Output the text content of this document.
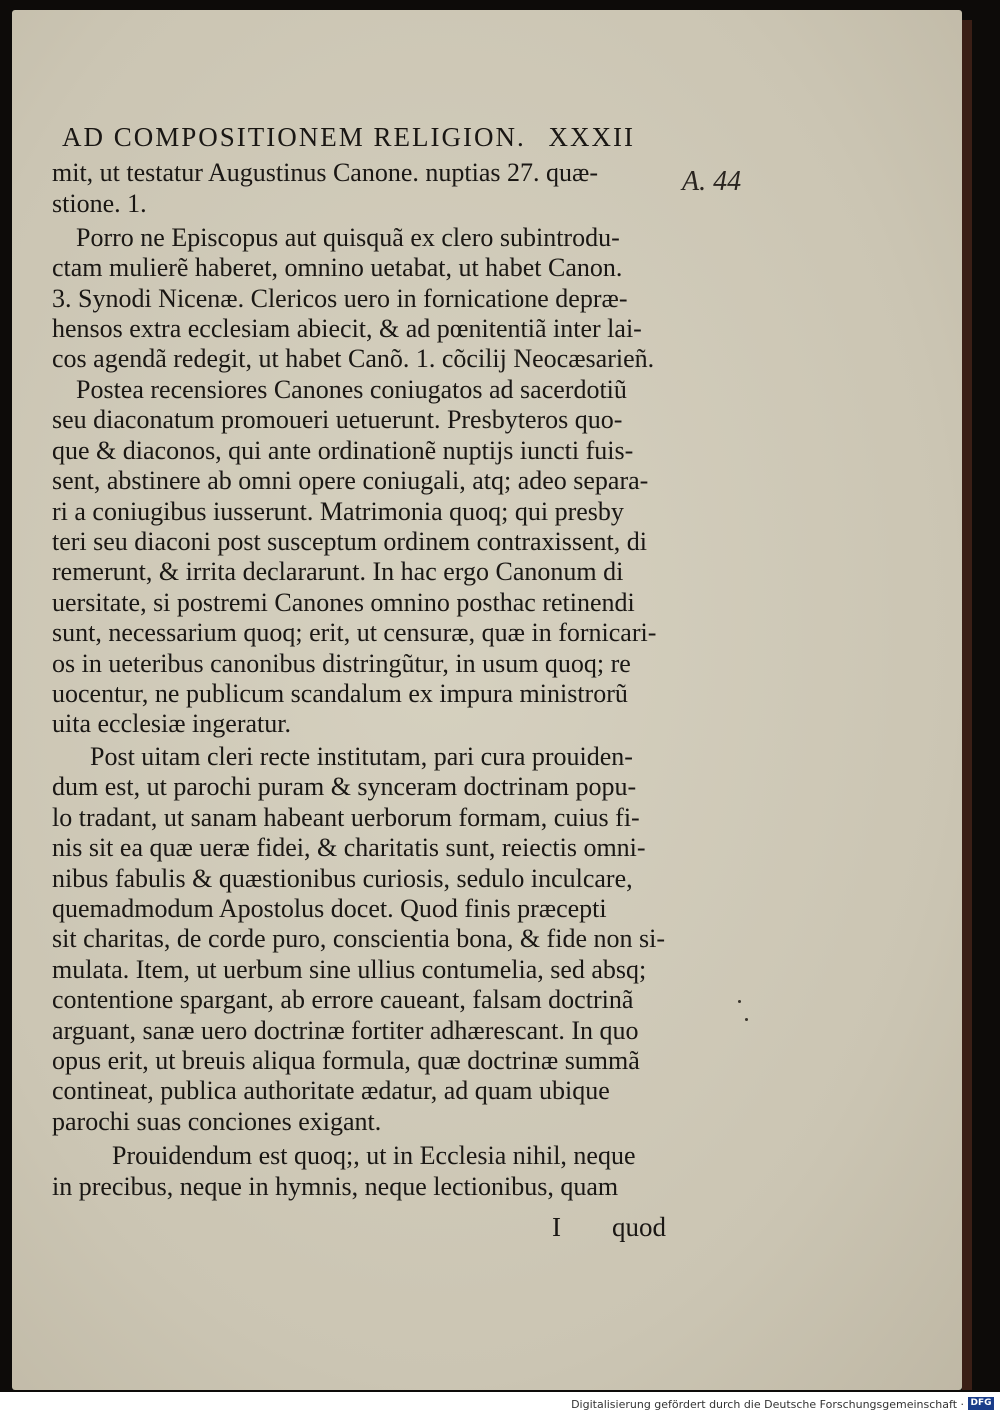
AD COMPOSITIONEM RELIGION. XXXII
A. 44
mit, ut testatur Augustinus Canone. nuptias 27. quæ-
stione. 1.
Porro ne Episcopus aut quisquã ex clero subintrodu-
ctam mulierẽ haberet, omnino uetabat, ut habet Canon.
3. Synodi Nicenæ. Clericos uero in fornicatione depræ-
hensos extra ecclesiam abiecit, & ad pœnitentiã inter lai-
cos agendã redegit, ut habet Canõ. 1. cõcilij Neocæsarieñ.
Postea recensiores Canones coniugatos ad sacerdotiũ
seu diaconatum promoueri uetuerunt. Presbyteros quo-
que & diaconos, qui ante ordinationẽ nuptijs iuncti fuis-
sent, abstinere ab omni opere coniugali, atq; adeo separa-
ri a coniugibus iusserunt. Matrimonia quoq; qui presby
teri seu diaconi post susceptum ordinem contraxissent, di
remerunt, & irrita declararunt. In hac ergo Canonum di
uersitate, si postremi Canones omnino posthac retinendi
sunt, necessarium quoq; erit, ut censuræ, quæ in fornicari-
os in ueteribus canonibus distringũtur, in usum quoq; re
uocentur, ne publicum scandalum ex impura ministrorũ
uita ecclesiæ ingeratur.
Post uitam cleri recte institutam, pari cura prouiden-
dum est, ut parochi puram & synceram doctrinam popu-
lo tradant, ut sanam habeant uerborum formam, cuius fi-
nis sit ea quæ ueræ fidei, & charitatis sunt, reiectis omni-
nibus fabulis & quæstionibus curiosis, sedulo inculcare,
quemadmodum Apostolus docet. Quod finis præcepti
sit charitas, de corde puro, conscientia bona, & fide non si-
mulata. Item, ut uerbum sine ullius contumelia, sed absq;
contentione spargant, ab errore caueant, falsam doctrinã
arguant, sanæ uero doctrinæ fortiter adhærescant. In quo
opus erit, ut breuis aliqua formula, quæ doctrinæ summã
contineat, publica authoritate ædatur, ad quam ubique
parochi suas conciones exigant.
Prouidendum est quoq;, ut in Ecclesia nihil, neque
in precibus, neque in hymnis, neque lectionibus, quam
I quod
Digitalisierung gefördert durch die Deutsche Forschungsgemeinschaft · DFG
